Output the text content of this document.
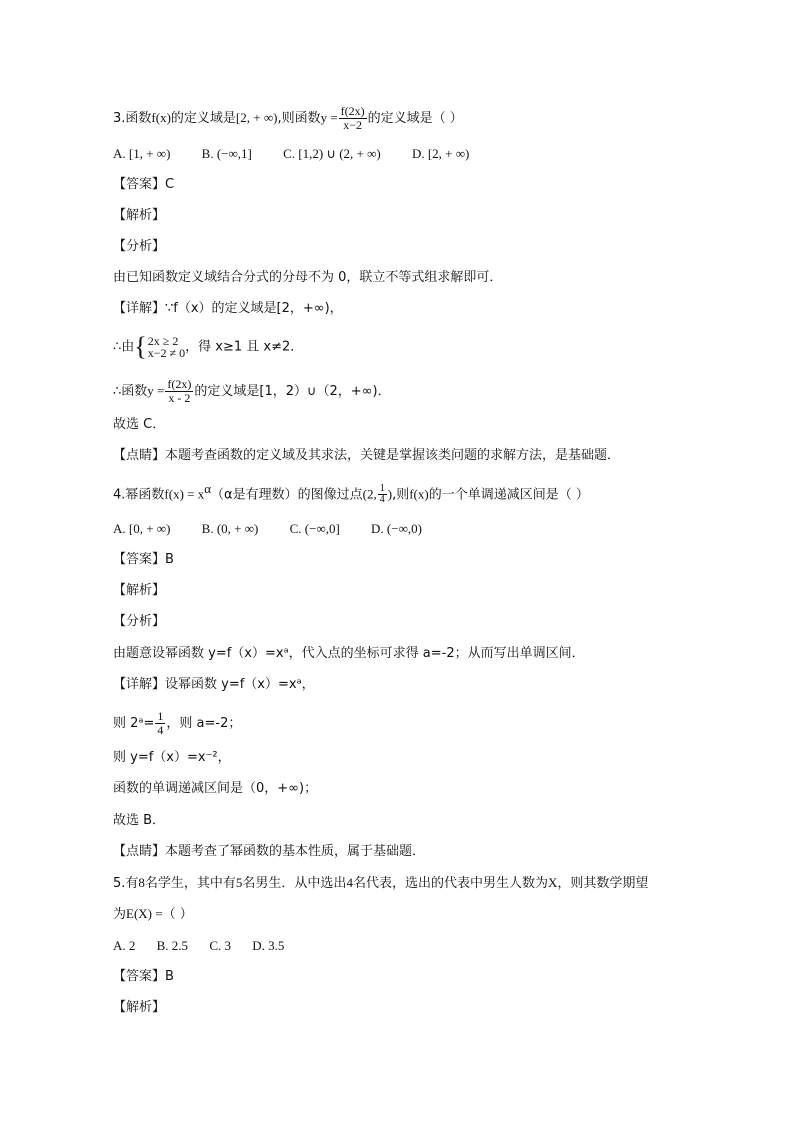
3.函数f(x)的定义域是[2, + ∞),则函数$y = \frac{f(2x)}{x-2}$ 的定义域是（ ）
A. [1, + ∞) B. (−∞,1] C. [1,2) ∪ (2, + ∞) D. [2, + ∞)
【答案】C
【解析】
【分析】
由已知函数定义域结合分式的分母不为 0，联立不等式组求解即可．
【详解】∵f（x）的定义域是[2，+∞)，
∴由 { 2x ≥ 2
x−2 ≠ 0 ，得 x≥1 且 x≠2．
∴函数$y = \frac{f(2x)}{x - 2}$ 的定义域是[1，2）∪（2，+∞)．
故选 C．
【点睛】本题考查函数的定义域及其求法，关键是掌握该类问题的求解方法，是基础题．
4.幂函数$f(x) = x^\alpha(\alpha$是有理数）的图像过点(2, $\frac{1}{4}$ ),则f(x)的一个单调递减区间是（ ）
A. [0, + ∞) B. (0, + ∞) C. (−∞,0] D. (−∞,0)
【答案】B
【解析】
【分析】
由题意设幂函数 y=f（x）=xᵃ，代入点的坐标可求得 a=-2；从而写出单调区间．
【详解】设幂函数 y=f（x）=xᵃ，
则 2ᵃ= $\frac{1}{4}$ ，则 a=-2；
则 y=f（x）=x⁻²，
函数的单调递减区间是（0，+∞)；
故选 B．
【点睛】本题考查了幂函数的基本性质，属于基础题．
5.有8名学生，其中有5名男生．从中选出4名代表，选出的代表中男生人数为X，则其数学期望
为E(X) =（ ）
A. 2 B. 2.5 C. 3 D. 3.5
【答案】B
【解析】
